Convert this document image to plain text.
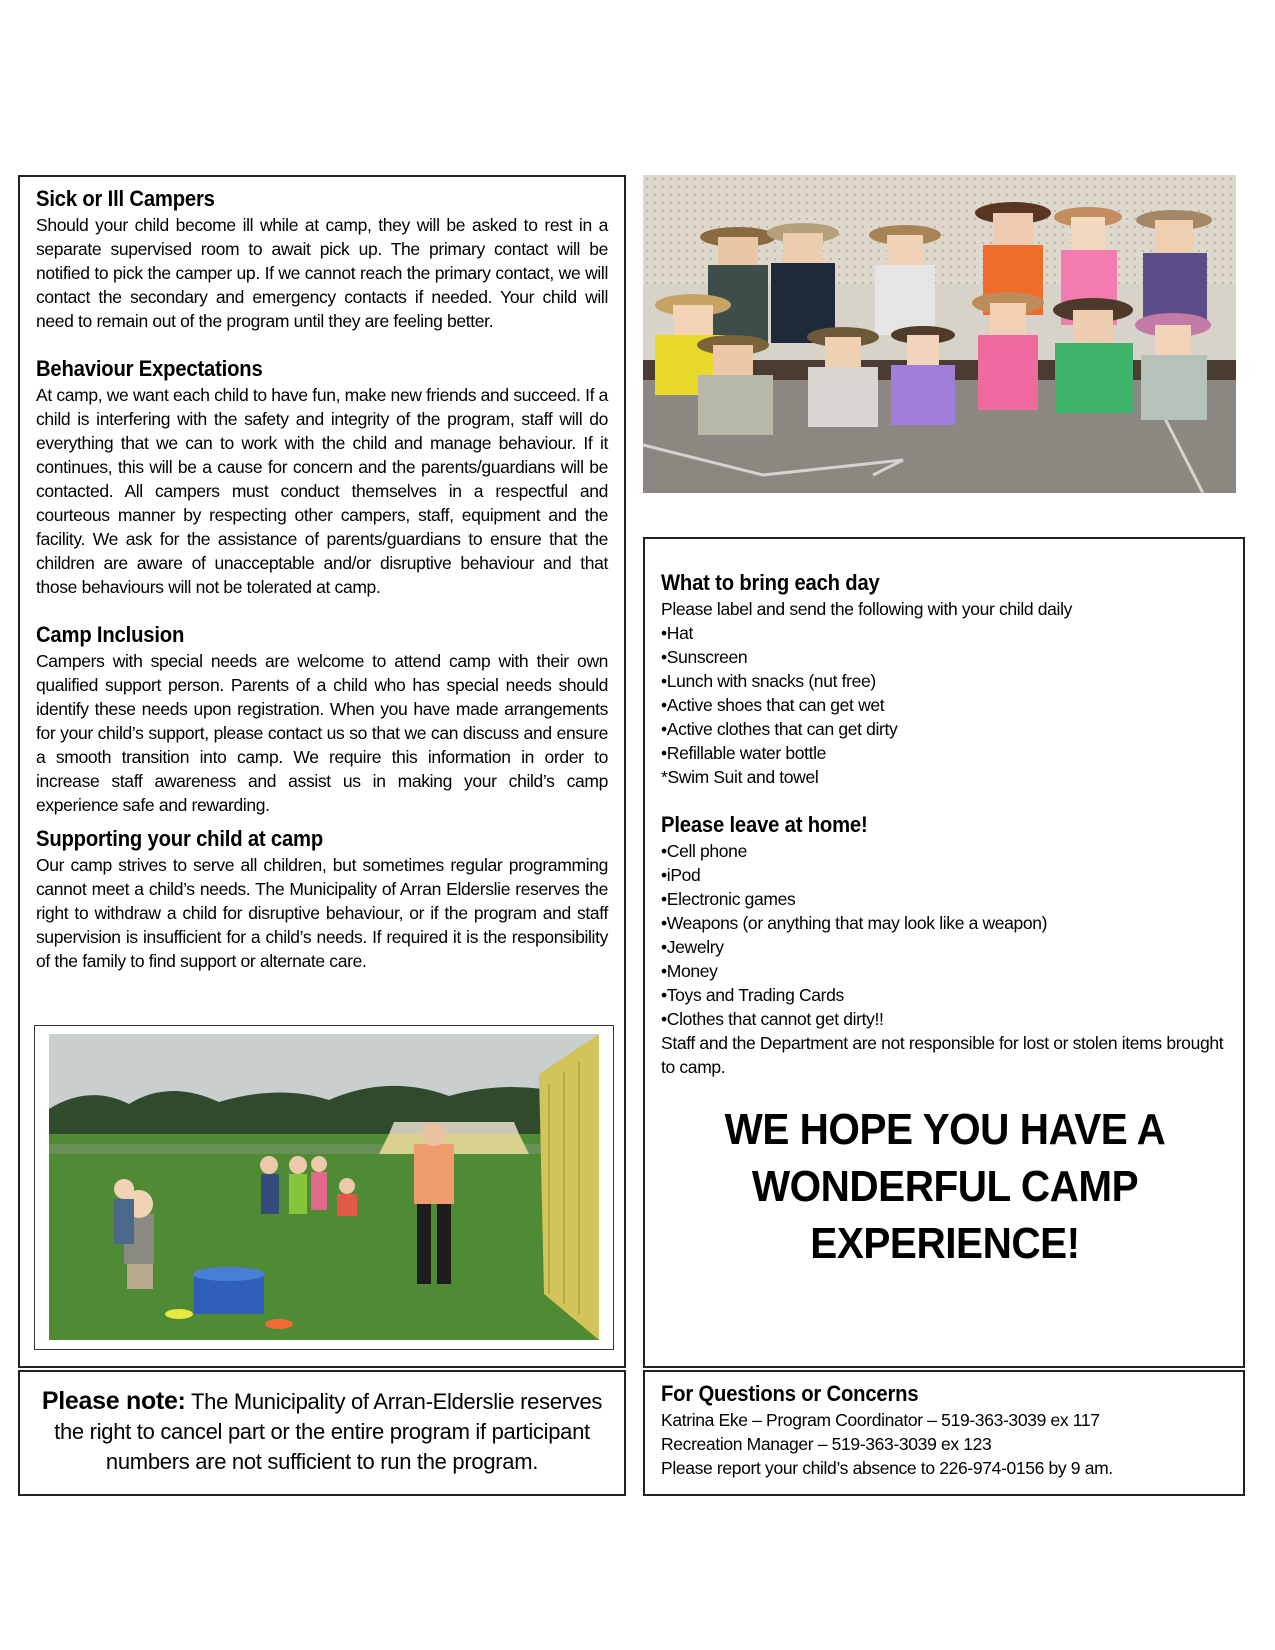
Sick or Ill Campers

Should your child become ill while at camp, they will be asked to rest in a separate supervised room to await pick up. The primary contact will be notified to pick the camper up. If we cannot reach the primary contact, we will contact the secondary and emergency contacts if needed. Your child will need to remain out of the program until they are feeling better.

Behaviour Expectations

At camp, we want each child to have fun, make new friends and succeed. If a child is interfering with the safety and integrity of the program, staff will do everything that we can to work with the child and manage behaviour. If it continues, this will be a cause for concern and the parents/guardians will be contacted. All campers must conduct themselves in a respectful and courteous manner by respecting other campers, staff, equipment and the facility. We ask for the assistance of parents/guardians to ensure that the children are aware of unacceptable and/or disruptive behaviour and that those behaviours will not be tolerated at camp.

Camp Inclusion

Campers with special needs are welcome to attend camp with their own qualified support person. Parents of a child who has special needs should identify these needs upon registration. When you have made arrangements for your child’s support, please contact us so that we can discuss and ensure a smooth transition into camp. We require this information in order to increase staff awareness and assist us in making your child’s camp experience safe and rewarding.

Supporting your child at camp

Our camp strives to serve all children, but sometimes regular programming cannot meet a child’s needs. The Municipality of Arran Elderslie reserves the right to withdraw a child for disruptive behaviour, or if the program and staff supervision is insufficient for a child’s needs. If required it is the responsibility of the family to find support or alternate care.

What to bring each day

Please label and send the following with your child daily

•Hat
•Sunscreen
•Lunch with snacks (nut free)
•Active shoes that can get wet
•Active clothes that can get dirty
•Refillable water bottle
*Swim Suit and towel
Please leave at home!
•Cell phone
•iPod
•Electronic games
•Weapons (or anything that may look like a weapon)
•Jewelry
•Money
•Toys and Trading Cards
•Clothes that cannot get dirty!!

Staff and the Department are not responsible for lost or stolen items brought to camp.

WE HOPE YOU HAVE A
WONDERFUL CAMP
EXPERIENCE!
Please note: The Municipality of Arran-Elderslie reserves the right to cancel part or the entire program if participant numbers are not sufficient to run the program.
For Questions or Concerns

Katrina Eke – Program Coordinator – 519-363-3039 ex 117

Recreation Manager – 519-363-3039 ex 123

Please report your child’s absence to 226-974-0156 by 9 am.
